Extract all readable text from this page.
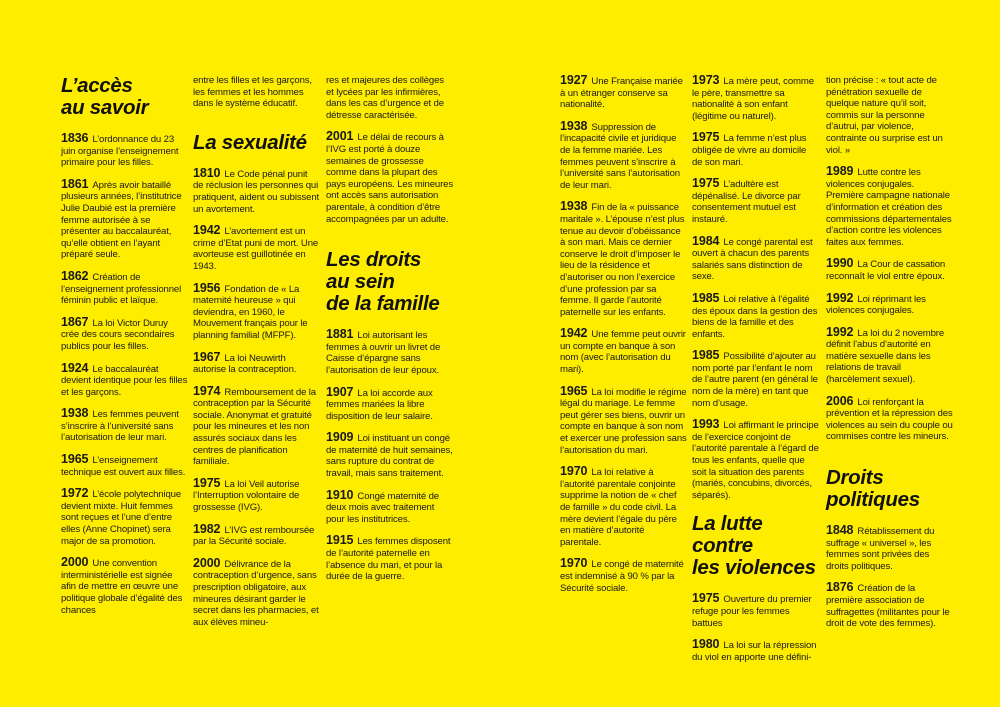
L’accès
au savoir

1836 L’ordonnance du 23 juin organise l’enseignement primaire pour les filles.

1861 Après avoir bataillé plusieurs années, l’institutrice Julie Daubié est la première femme autorisée à se présenter au baccalauréat, qu’elle obtient en l’ayant préparé seule.

1862 Création de l’enseignement professionnel féminin public et laïque.

1867 La loi Victor Duruy crée des cours secondaires publics pour les filles.

1924 Le baccalauréat devient identique pour les filles et les garçons.

1938 Les femmes peuvent s’inscrire à l’université sans l’autorisation de leur mari.

1965 L’enseignement technique est ouvert aux filles.

1972 L’école polytechnique devient mixte. Huit femmes sont reçues et l’une d’entre elles (Anne Chopinet) sera major de sa promotion.

2000 Une convention interministérielle est signée afin de mettre en œuvre une politique globale d’égalité des chances

entre les filles et les garçons, les femmes et les hommes dans le système éducatif.

La sexualité

1810 Le Code pénal punit de réclusion les personnes qui pratiquent, aident ou subissent un avortement.

1942 L’avortement est un crime d’Etat puni de mort. Une avorteuse est guillotinée en 1943.

1956 Fondation de « La maternité heureuse » qui deviendra, en 1960, le Mouvement français pour le planning familial (MFPF).

1967 La loi Neuwirth autorise la contraception.

1974 Remboursement de la contraception par la Sécurité sociale. Anonymat et gratuité pour les mineures et les non assurés sociaux dans les centres de planification familiale.

1975 La loi Veil autorise l’Interruption volontaire de grossesse (IVG).

1982 L’IVG est remboursée par la Sécurité sociale.

2000 Délivrance de la contraception d’urgence, sans prescription obligatoire, aux mineures désirant garder le secret dans les pharmacies, et aux élèves mineu-

res et majeures des collèges et lycées par les infirmières, dans les cas d’urgence et de détresse caractérisée.

2001 Le délai de recours à l’IVG est porté à douze semaines de grossesse comme dans la plupart des pays européens. Les mineures ont accès sans autorisation parentale, à condition d’être accompagnées par un adulte.

Les droits
au sein
de la famille

1881 Loi autorisant les femmes à ouvrir un livret de Caisse d’épargne sans l’autorisation de leur époux.

1907 La loi accorde aux femmes mariées la libre disposition de leur salaire.

1909 Loi instituant un congé de maternité de huit semaines, sans rupture du contrat de travail, mais sans traitement.

1910 Congé maternité de deux mois avec traitement pour les institutrices.

1915 Les femmes disposent de l’autorité paternelle en l’absence du mari, et pour la durée de la guerre.

1927 Une Française mariée à un étranger conserve sa nationalité.

1938 Suppression de l’incapacité civile et juridique de la femme mariée. Les femmes peuvent s’inscrire à l’université sans l’autorisation de leur mari.

1938 Fin de la « puissance maritale ». L’épouse n’est plus tenue au devoir d’obéissance à son mari. Mais ce dernier conserve le droit d’imposer le lieu de la résidence et d’autoriser ou non l’exercice d’une profession par sa femme. Il garde l’autorité paternelle sur les enfants.

1942 Une femme peut ouvrir un compte en banque à son nom (avec l’autorisation du mari).

1965 La loi modifie le régime légal du mariage. Le femme peut gérer ses biens, ouvrir un compte en banque à son nom et exercer une profession sans l’autorisation du mari.

1970 La loi relative à l’autorité parentale conjointe supprime la notion de « chef de famille » du code civil. La mère devient l’égale du père en matière d’autorité parentale.

1970 Le congé de maternité est indemnisé à 90 % par la Sécurité sociale.

1973 La mère peut, comme le père, transmettre sa nationalité à son enfant (légitime ou naturel).

1975 La femme n’est plus obligée de vivre au domicile de son mari.

1975 L’adultère est dépénalisé. Le divorce par consentement mutuel est instauré.

1984 Le congé parental est ouvert à chacun des parents salariés sans distinction de sexe.

1985 Loi relative à l’égalité des époux dans la gestion des biens de la famille et des enfants.

1985 Possibilité d’ajouter au nom porté par l’enfant le nom de l’autre parent (en général le nom de la mère) en tant que nom d’usage.

1993 Loi affirmant le principe de l’exercice conjoint de l’autorité parentale à l’égard de tous les enfants, quelle que soit la situation des parents (mariés, concubins, divorcés, séparés).

La lutte contre
les violences

1975 Ouverture du premier refuge pour les femmes battues

1980 La loi sur la répression du viol en apporte une défini-

tion précise : « tout acte de pénétration sexuelle de quelque nature qu’il soit, commis sur la personne d’autrui, par violence, contrainte ou surprise est un viol. »

1989 Lutte contre les violences conjugales. Première campagne nationale d’information et création des commissions départementales d’action contre les violences faites aux femmes.

1990 La Cour de cassation reconnaît le viol entre époux.

1992 Loi réprimant les violences conjugales.

1992 La loi du 2 novembre définit l’abus d’autorité en matière sexuelle dans les relations de travail (harcèlement sexuel).

2006 Loi renforçant la prévention et la répression des violences au sein du couple ou commises contre les mineurs.

Droits
politiques

1848 Rétablissement du suffrage « universel », les femmes sont privées des droits politiques.

1876 Création de la première association de suffragettes (militantes pour le droit de vote des femmes).
